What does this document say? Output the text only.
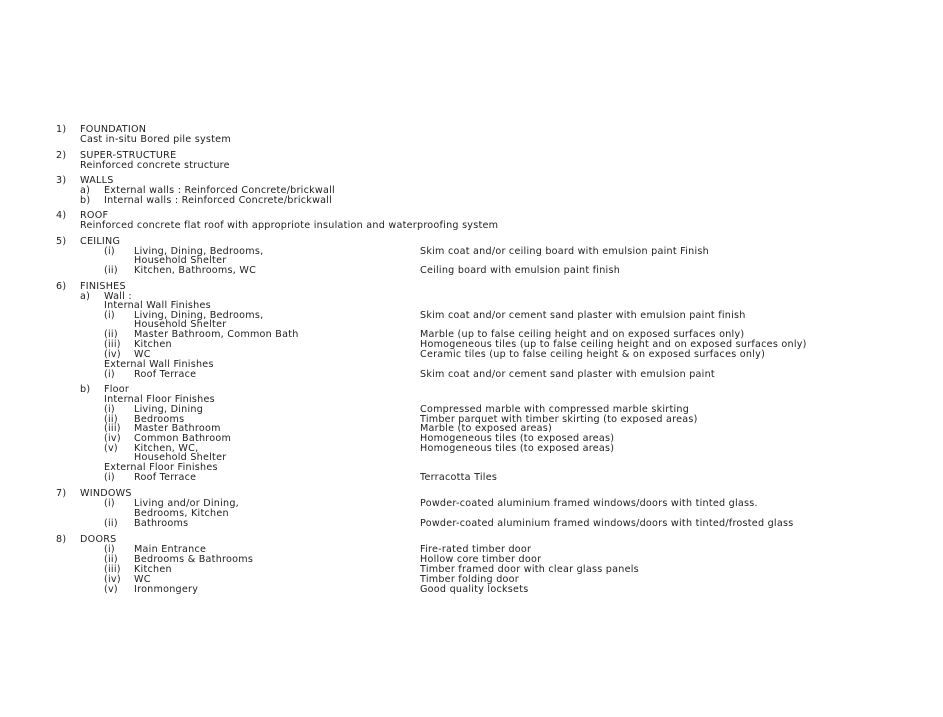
1) FOUNDATION
Cast in-situ Bored pile system
2) SUPER-STRUCTURE
Reinforced concrete structure
3) WALLS
a) External walls : Reinforced Concrete/brickwall
b) Internal walls : Reinforced Concrete/brickwall
4) ROOF
Reinforced concrete flat roof with appropriote insulation and waterproofing system
5) CEILING
(i) Living, Dining, Bedrooms,	Skim coat and/or ceiling board with emulsion paint Finish
Household Shelter
(ii) Kitchen, Bathrooms, WC	Ceiling board with emulsion paint finish
6) FINISHES
a) Wall :
Internal Wall Finishes
(i) Living, Dining, Bedrooms,	Skim coat and/or cement sand plaster with emulsion paint finish
Household Shelter
(ii) Master Bathroom, Common Bath	Marble (up to false ceiling height and on exposed surfaces only)
(iii) Kitchen	Homogeneous tiles (up to false ceiling height and on exposed surfaces only)
(iv) WC	Ceramic tiles (up to false ceiling height & on exposed surfaces only)
External Wall Finishes
(i) Roof Terrace	Skim coat and/or cement sand plaster with emulsion paint
b) Floor
Internal Floor Finishes
(i) Living, Dining	Compressed marble with compressed marble skirting
(ii) Bedrooms	Timber parquet with timber skirting (to exposed areas)
(iii) Master Bathroom	Marble (to exposed areas)
(iv) Common Bathroom	Homogeneous tiles (to exposed areas)
(v) Kitchen, WC,	Homogeneous tiles (to exposed areas)
Household Shelter
External Floor Finishes
(i) Roof Terrace	Terracotta Tiles
7) WINDOWS
(i) Living and/or Dining,	Powder-coated aluminium framed windows/doors with tinted glass.
Bedrooms, Kitchen
(ii) Bathrooms	Powder-coated aluminium framed windows/doors with tinted/frosted glass
8) DOORS
(i) Main Entrance	Fire-rated timber door
(ii) Bedrooms & Bathrooms	Hollow core timber door
(iii) Kitchen	Timber framed door with clear glass panels
(iv) WC	Timber folding door
(v) Ironmongery	Good quality locksets
